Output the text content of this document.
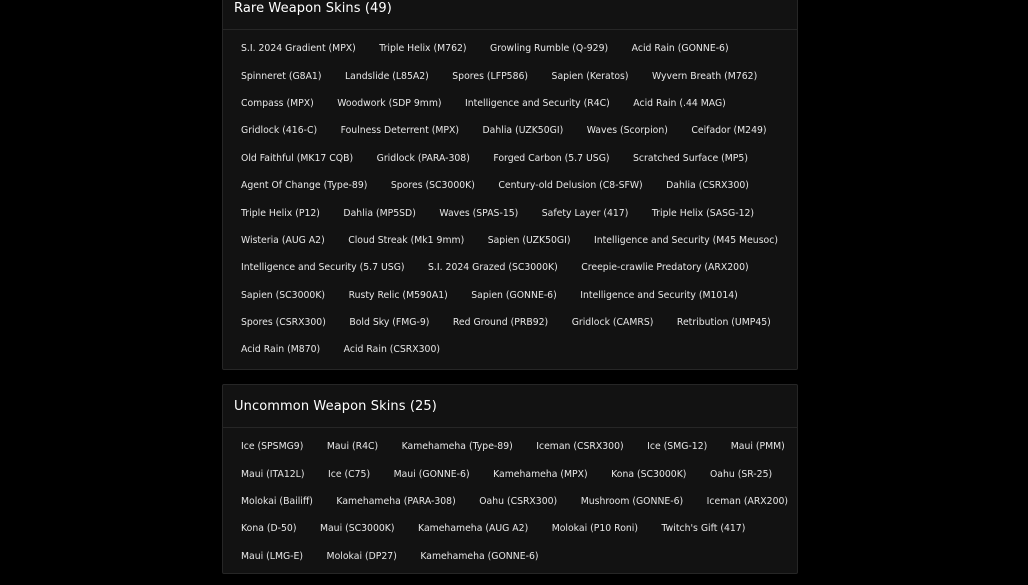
Rare Weapon Skins (49)
S.I. 2024 Gradient (MPX)	Triple Helix (M762)	Growling Rumble (Q-929)	Acid Rain (GONNE-6)
Spinneret (G8A1)	Landslide (L85A2)	Spores (LFP586)	Sapien (Keratos)	Wyvern Breath (M762)
Compass (MPX)	Woodwork (SDP 9mm)	Intelligence and Security (R4C)	Acid Rain (.44 MAG)
Gridlock (416-C)	Foulness Deterrent (MPX)	Dahlia (UZK50GI)	Waves (Scorpion)	Ceifador (M249)
Old Faithful (MK17 CQB)	Gridlock (PARA-308)	Forged Carbon (5.7 USG)	Scratched Surface (MP5)
Agent Of Change (Type-89)	Spores (SC3000K)	Century-old Delusion (C8-SFW)	Dahlia (CSRX300)
Triple Helix (P12)	Dahlia (MP5SD)	Waves (SPAS-15)	Safety Layer (417)	Triple Helix (SASG-12)
Wisteria (AUG A2)	Cloud Streak (Mk1 9mm)	Sapien (UZK50GI)	Intelligence and Security (M45 Meusoc)
Intelligence and Security (5.7 USG)	S.I. 2024 Grazed (SC3000K)	Creepie-crawlie Predatory (ARX200)
Sapien (SC3000K)	Rusty Relic (M590A1)	Sapien (GONNE-6)	Intelligence and Security (M1014)
Spores (CSRX300)	Bold Sky (FMG-9)	Red Ground (PRB92)	Gridlock (CAMRS)	Retribution (UMP45)
Acid Rain (M870)	Acid Rain (CSRX300)
Uncommon Weapon Skins (25)
Ice (SPSMG9)	Maui (R4C)	Kamehameha (Type-89)	Iceman (CSRX300)	Ice (SMG-12)	Maui (PMM)
Maui (ITA12L)	Ice (C75)	Maui (GONNE-6)	Kamehameha (MPX)	Kona (SC3000K)	Oahu (SR-25)
Molokai (Bailiff)	Kamehameha (PARA-308)	Oahu (CSRX300)	Mushroom (GONNE-6)	Iceman (ARX200)
Kona (D-50)	Maui (SC3000K)	Kamehameha (AUG A2)	Molokai (P10 Roni)	Twitch's Gift (417)
Maui (LMG-E)	Molokai (DP27)	Kamehameha (GONNE-6)
